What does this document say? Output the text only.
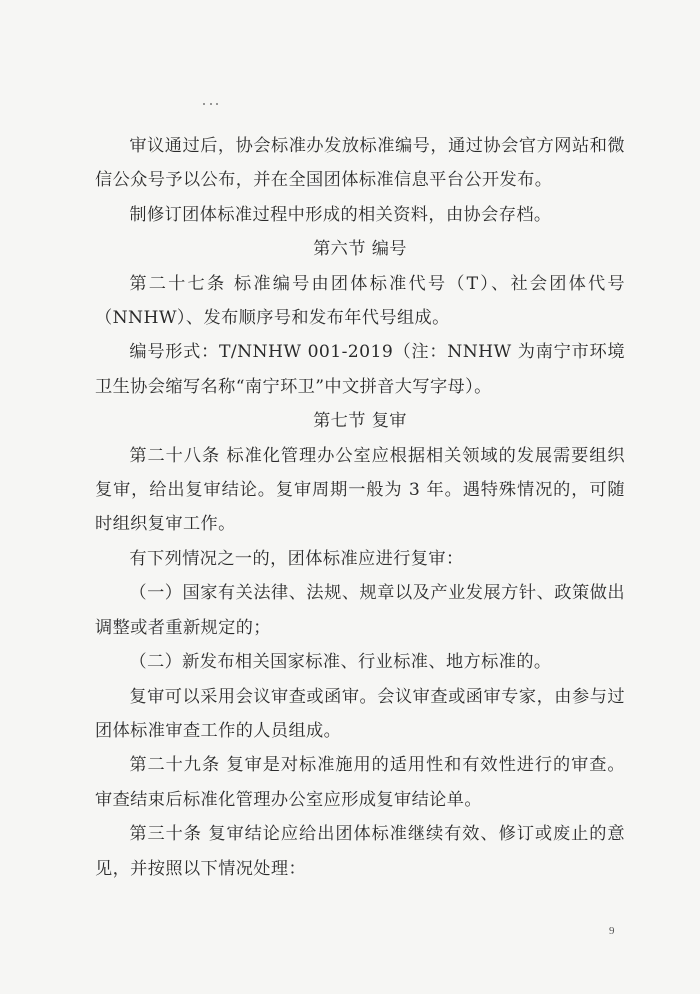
审议通过后，协会标准办发放标准编号，通过协会官方网站和微信公众号予以公布，并在全国团体标准信息平台公开发布。

制修订团体标准过程中形成的相关资料，由协会存档。

第六节 编号

第二十七条 标准编号由团体标准代号（T）、社会团体代号（NNHW）、发布顺序号和发布年代号组成。

编号形式：T/NNHW 001-2019（注：NNHW 为南宁市环境卫生协会缩写名称“南宁环卫”中文拼音大写字母）。

第七节 复审

第二十八条 标准化管理办公室应根据相关领域的发展需要组织复审，给出复审结论。复审周期一般为 3 年。遇特殊情况的，可随时组织复审工作。

有下列情况之一的，团体标准应进行复审：

（一）国家有关法律、法规、规章以及产业发展方针、政策做出调整或者重新规定的；

（二）新发布相关国家标准、行业标准、地方标准的。

复审可以采用会议审查或函审。会议审查或函审专家，由参与过团体标准审查工作的人员组成。

第二十九条 复审是对标准施用的适用性和有效性进行的审查。审查结束后标准化管理办公室应形成复审结论单。

第三十条 复审结论应给出团体标准继续有效、修订或废止的意见，并按照以下情况处理：

9
